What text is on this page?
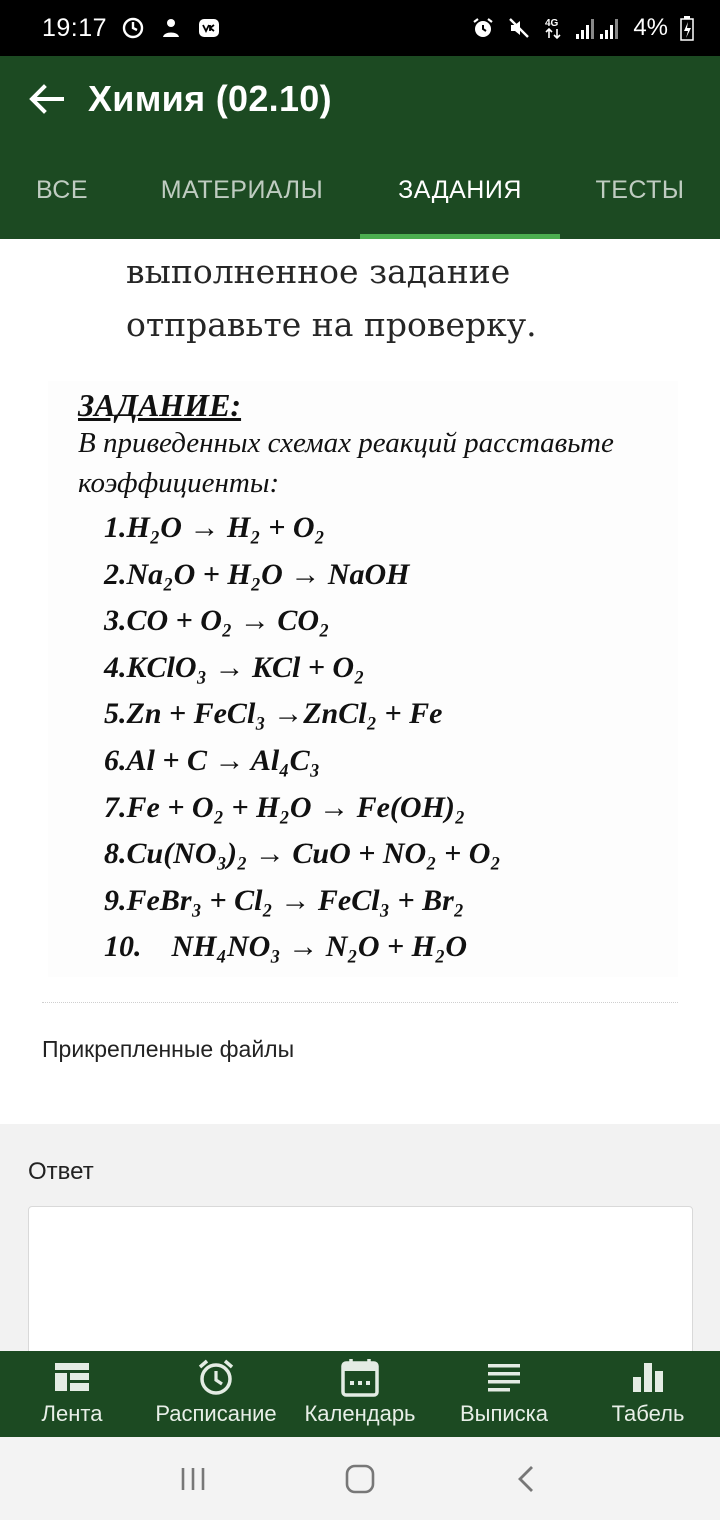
19:17	4G	4%
Химия (02.10)
ВСЕ	МАТЕРИАЛЫ	ЗАДАНИЯ	ТЕСТЫ
выполненное задание
отправьте на проверку.
ЗАДАНИЕ:
В приведенных схемах реакций расставьте коэффициенты:
1.H₂O → H₂ + O₂
2.Na₂O + H₂O → NaOH
3.CO + O₂ → CO₂
4.KClO₃ → KCl + O₂
5.Zn + FeCl₃ →ZnCl₂ + Fe
6.Al + C → Al₄C₃
7.Fe + O₂ + H₂O → Fe(OH)₂
8.Cu(NO₃)₂ → CuO + NO₂ + O₂
9.FeBr₃ + Cl₂ → FeCl₃ + Br₂
10.    NH₄NO₃ → N₂O + H₂O
Прикрепленные файлы
Ответ
Лента Расписание Календарь Выписка	Табель
